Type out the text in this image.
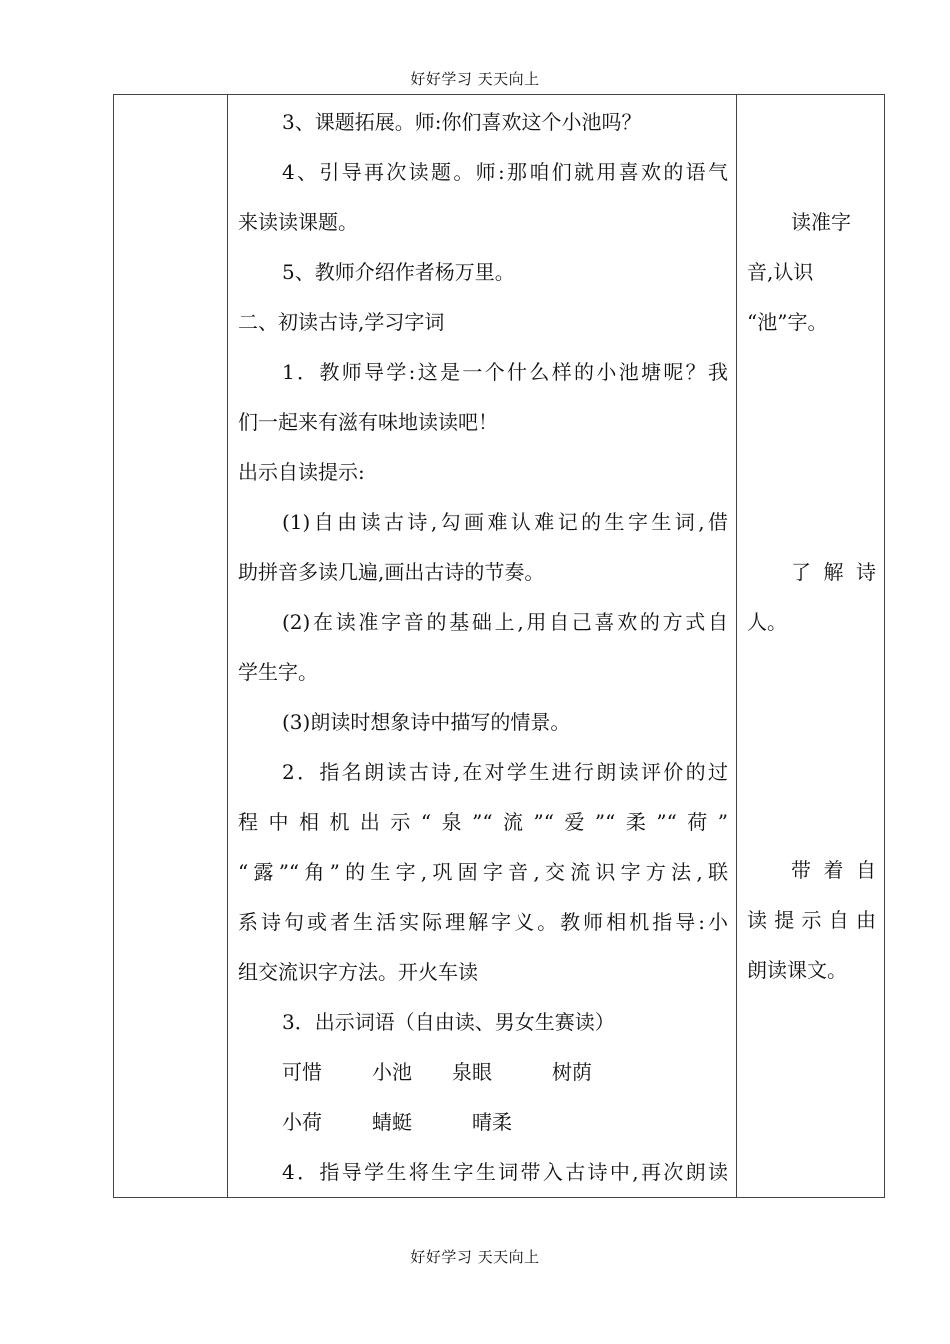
好好学习 天天向上

3、课题拓展。师:你们喜欢这个小池吗？
4、引导再次读题。师:那咱们就用喜欢的语气
来读读课题。
5、教师介绍作者杨万里。
二、初读古诗,学习字词
1．教师导学:这是一个什么样的小池塘呢？我
们一起来有滋有味地读读吧！
出示自读提示:
(1)自由读古诗,勾画难认难记的生字生词,借
助拼音多读几遍,画出古诗的节奏。
(2)在读准字音的基础上,用自己喜欢的方式自
学生字。
(3)朗读时想象诗中描写的情景。
2．指名朗读古诗,在对学生进行朗读评价的过
程中相机出示“泉”“流”“爱”“柔”“荷”
“露”“角”的生字,巩固字音,交流识字方法,联
系诗句或者生活实际理解字义。教师相机指导:小
组交流识字方法。开火车读
3．出示词语（自由读、男女生赛读）
可惜	小池 泉眼	树荫
小荷	蜻蜓	晴柔
4．指导学生将生字生词带入古诗中,再次朗读

读准字
音,认识
“池”字。
了 解 诗
人。
带 着 自
读 提 示 自 由
朗读课文。
好好学习 天天向上
